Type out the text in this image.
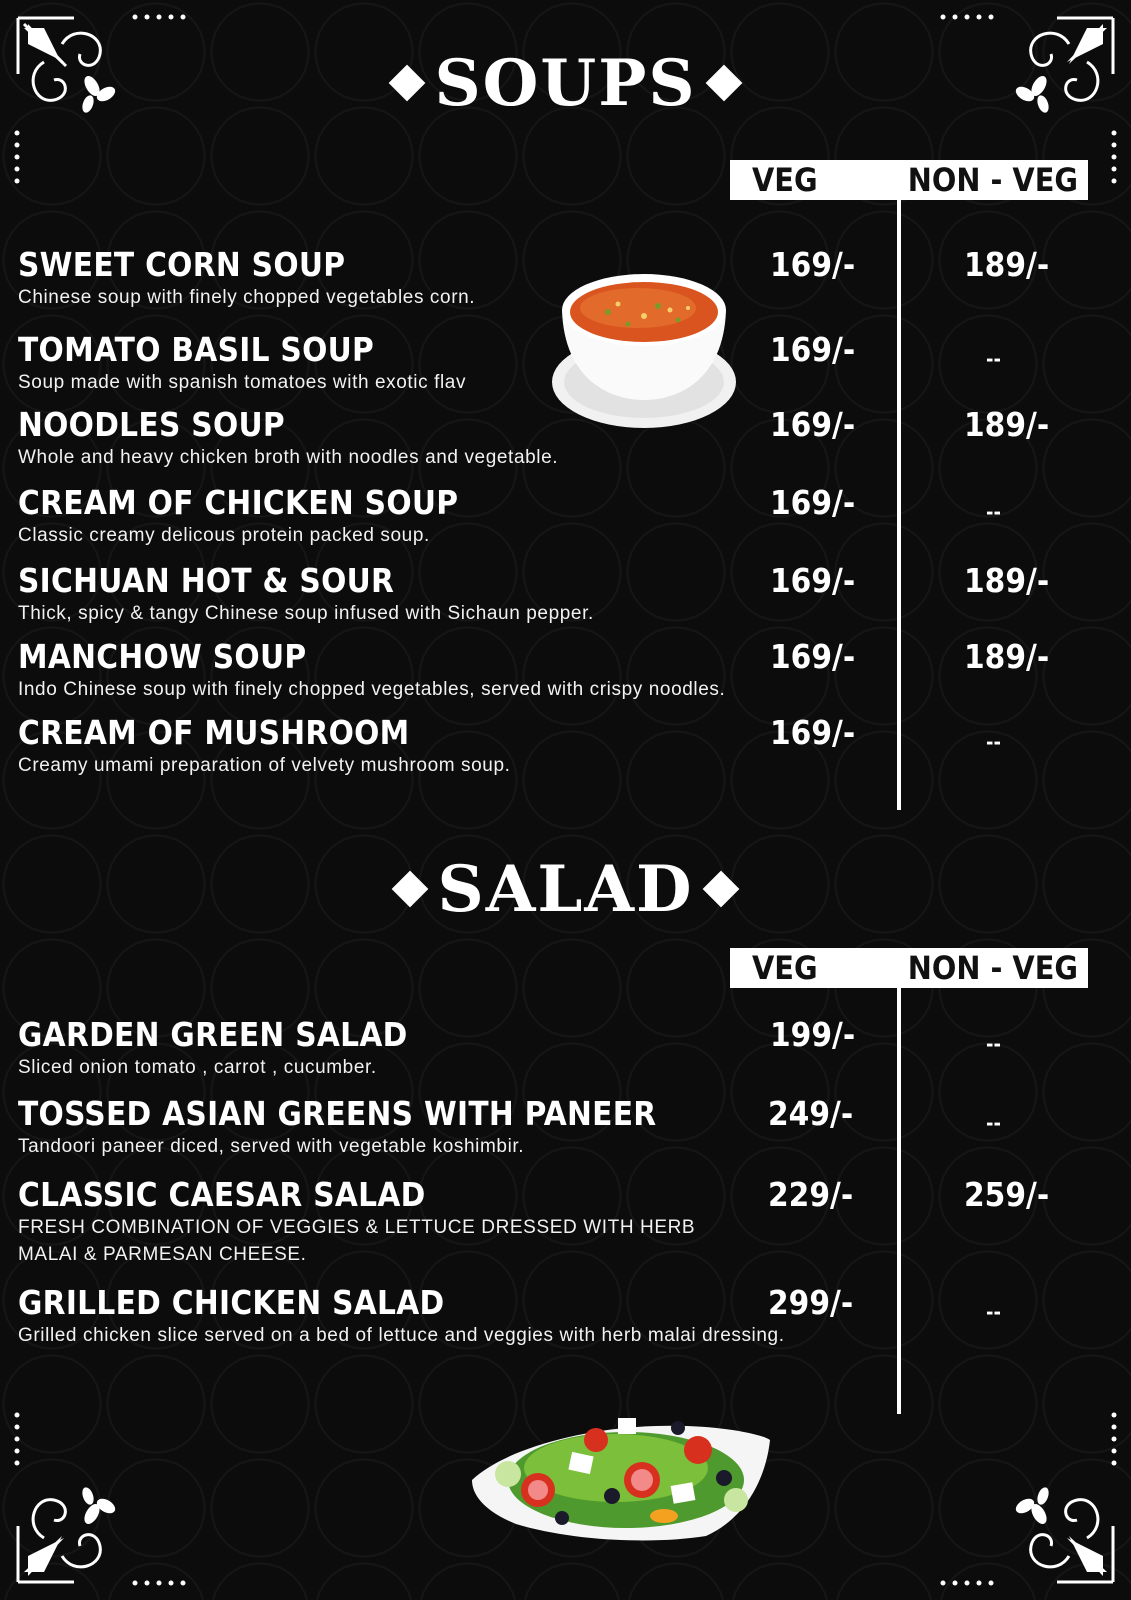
SOUPS
VEG	NON - VEG
SWEET CORN SOUP
Chinese soup with finely chopped vegetables corn.
169/-	189/-
TOMATO BASIL SOUP
Soup made with spanish tomatoes with exotic flav
169/-	--
NOODLES SOUP
Whole and heavy chicken broth with noodles and vegetable.
169/-	189/-
CREAM OF CHICKEN SOUP
Classic creamy delicous protein packed soup.
169/-	--
SICHUAN HOT & SOUR
Thick, spicy & tangy Chinese soup infused with Sichaun pepper.
169/-	189/-
MANCHOW SOUP
Indo Chinese soup with finely chopped vegetables, served with crispy noodles.
169/-	189/-
CREAM OF MUSHROOM
Creamy umami preparation of velvety mushroom soup.
169/-	--
SALAD
VEG	NON - VEG
GARDEN GREEN SALAD
Sliced onion tomato , carrot , cucumber.
199/-	--
TOSSED ASIAN GREENS WITH PANEER
Tandoori paneer diced, served with vegetable koshimbir.
249/-	--
CLASSIC CAESAR SALAD
FRESH COMBINATION OF VEGGIES & LETTUCE DRESSED WITH HERB
MALAI & PARMESAN CHEESE.
229/-	259/-
GRILLED CHICKEN SALAD
Grilled chicken slice served on a bed of lettuce and veggies with herb malai dressing.
299/-	--
